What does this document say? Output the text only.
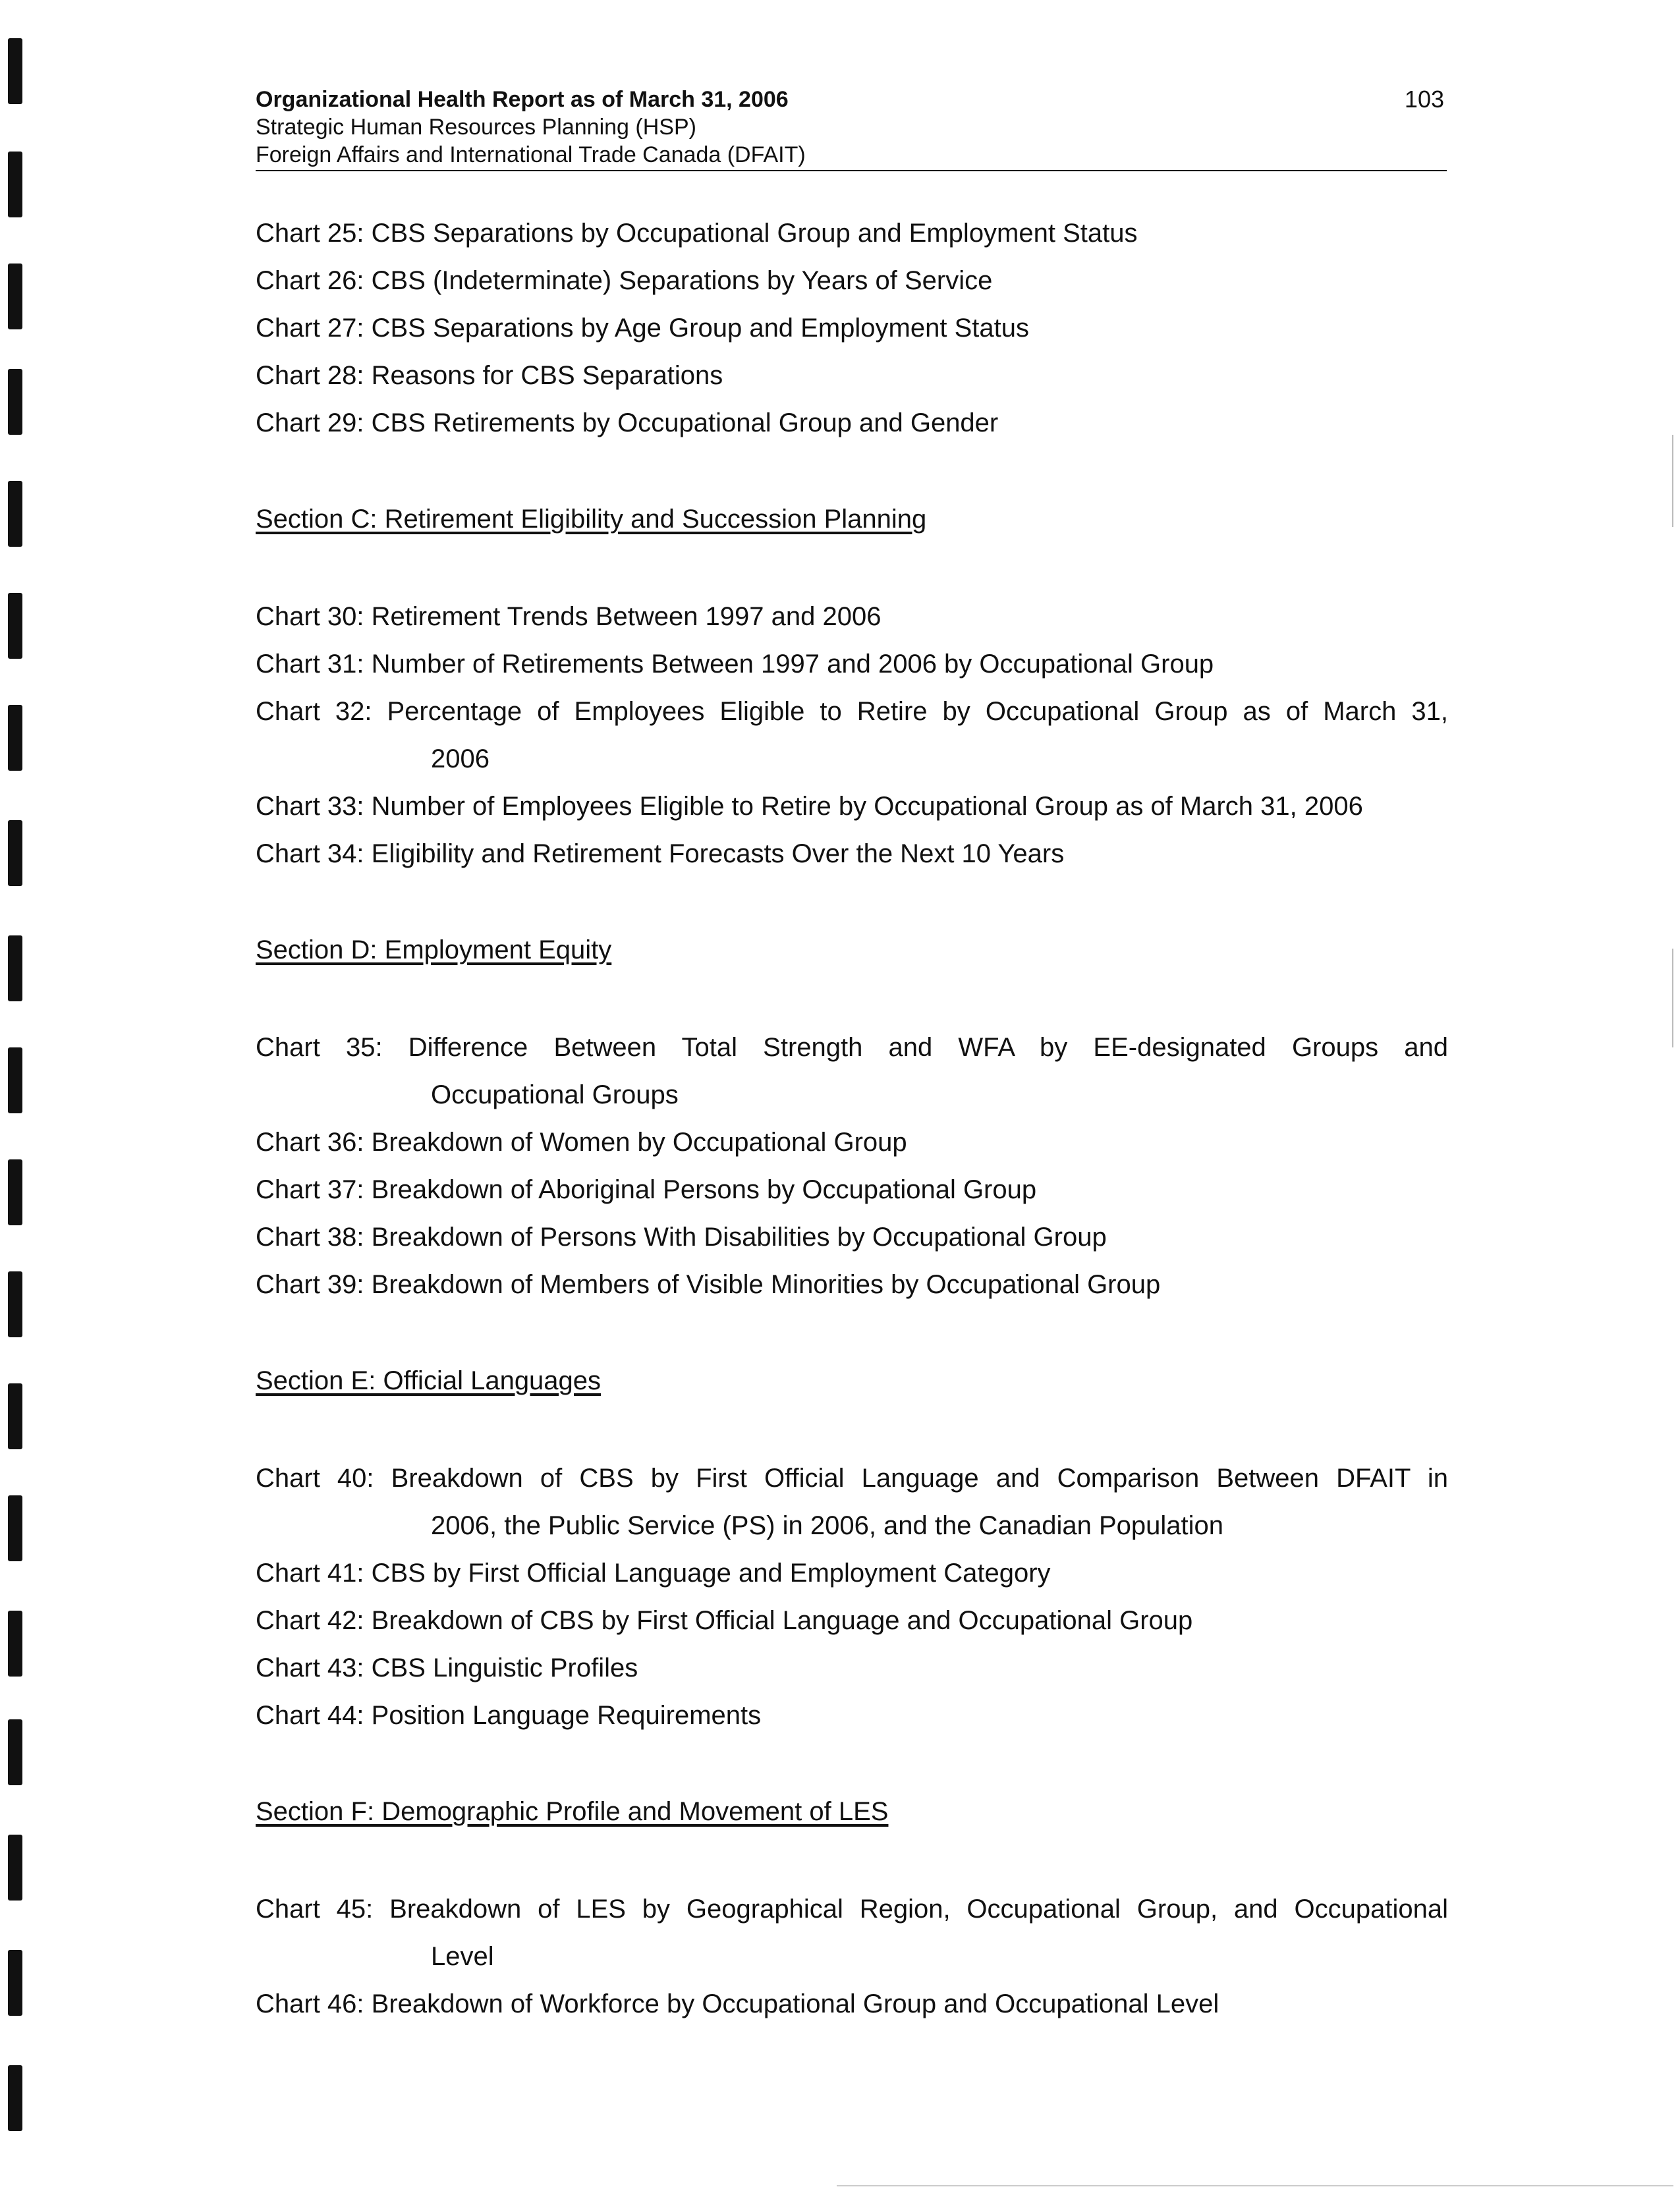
Organizational Health Report as of March 31, 2006
Strategic Human Resources Planning (HSP)
Foreign Affairs and International Trade Canada (DFAIT)
103

Chart 25: CBS Separations by Occupational Group and Employment Status

Chart 26: CBS (Indeterminate) Separations by Years of Service

Chart 27: CBS Separations by Age Group and Employment Status

Chart 28: Reasons for CBS Separations

Chart 29: CBS Retirements by Occupational Group and Gender

Section C: Retirement Eligibility and Succession Planning

Chart 30: Retirement Trends Between 1997 and 2006

Chart 31: Number of Retirements Between 1997 and 2006 by Occupational Group

Chart 32: Percentage of Employees Eligible to Retire by Occupational Group as of March 31,
2006

Chart 33: Number of Employees Eligible to Retire by Occupational Group as of March 31, 2006

Chart 34: Eligibility and Retirement Forecasts Over the Next 10 Years

Section D: Employment Equity

Chart 35: Difference Between Total Strength and WFA by EE-designated Groups and
Occupational Groups

Chart 36: Breakdown of Women by Occupational Group

Chart 37: Breakdown of Aboriginal Persons by Occupational Group

Chart 38: Breakdown of Persons With Disabilities by Occupational Group

Chart 39: Breakdown of Members of Visible Minorities by Occupational Group

Section E: Official Languages

Chart 40: Breakdown of CBS by First Official Language and Comparison Between DFAIT in
2006, the Public Service (PS) in 2006, and the Canadian Population

Chart 41: CBS by First Official Language and Employment Category

Chart 42: Breakdown of CBS by First Official Language and Occupational Group

Chart 43: CBS Linguistic Profiles

Chart 44: Position Language Requirements

Section F: Demographic Profile and Movement of LES

Chart 45: Breakdown of LES by Geographical Region, Occupational Group, and Occupational
Level

Chart 46: Breakdown of Workforce by Occupational Group and Occupational Level
